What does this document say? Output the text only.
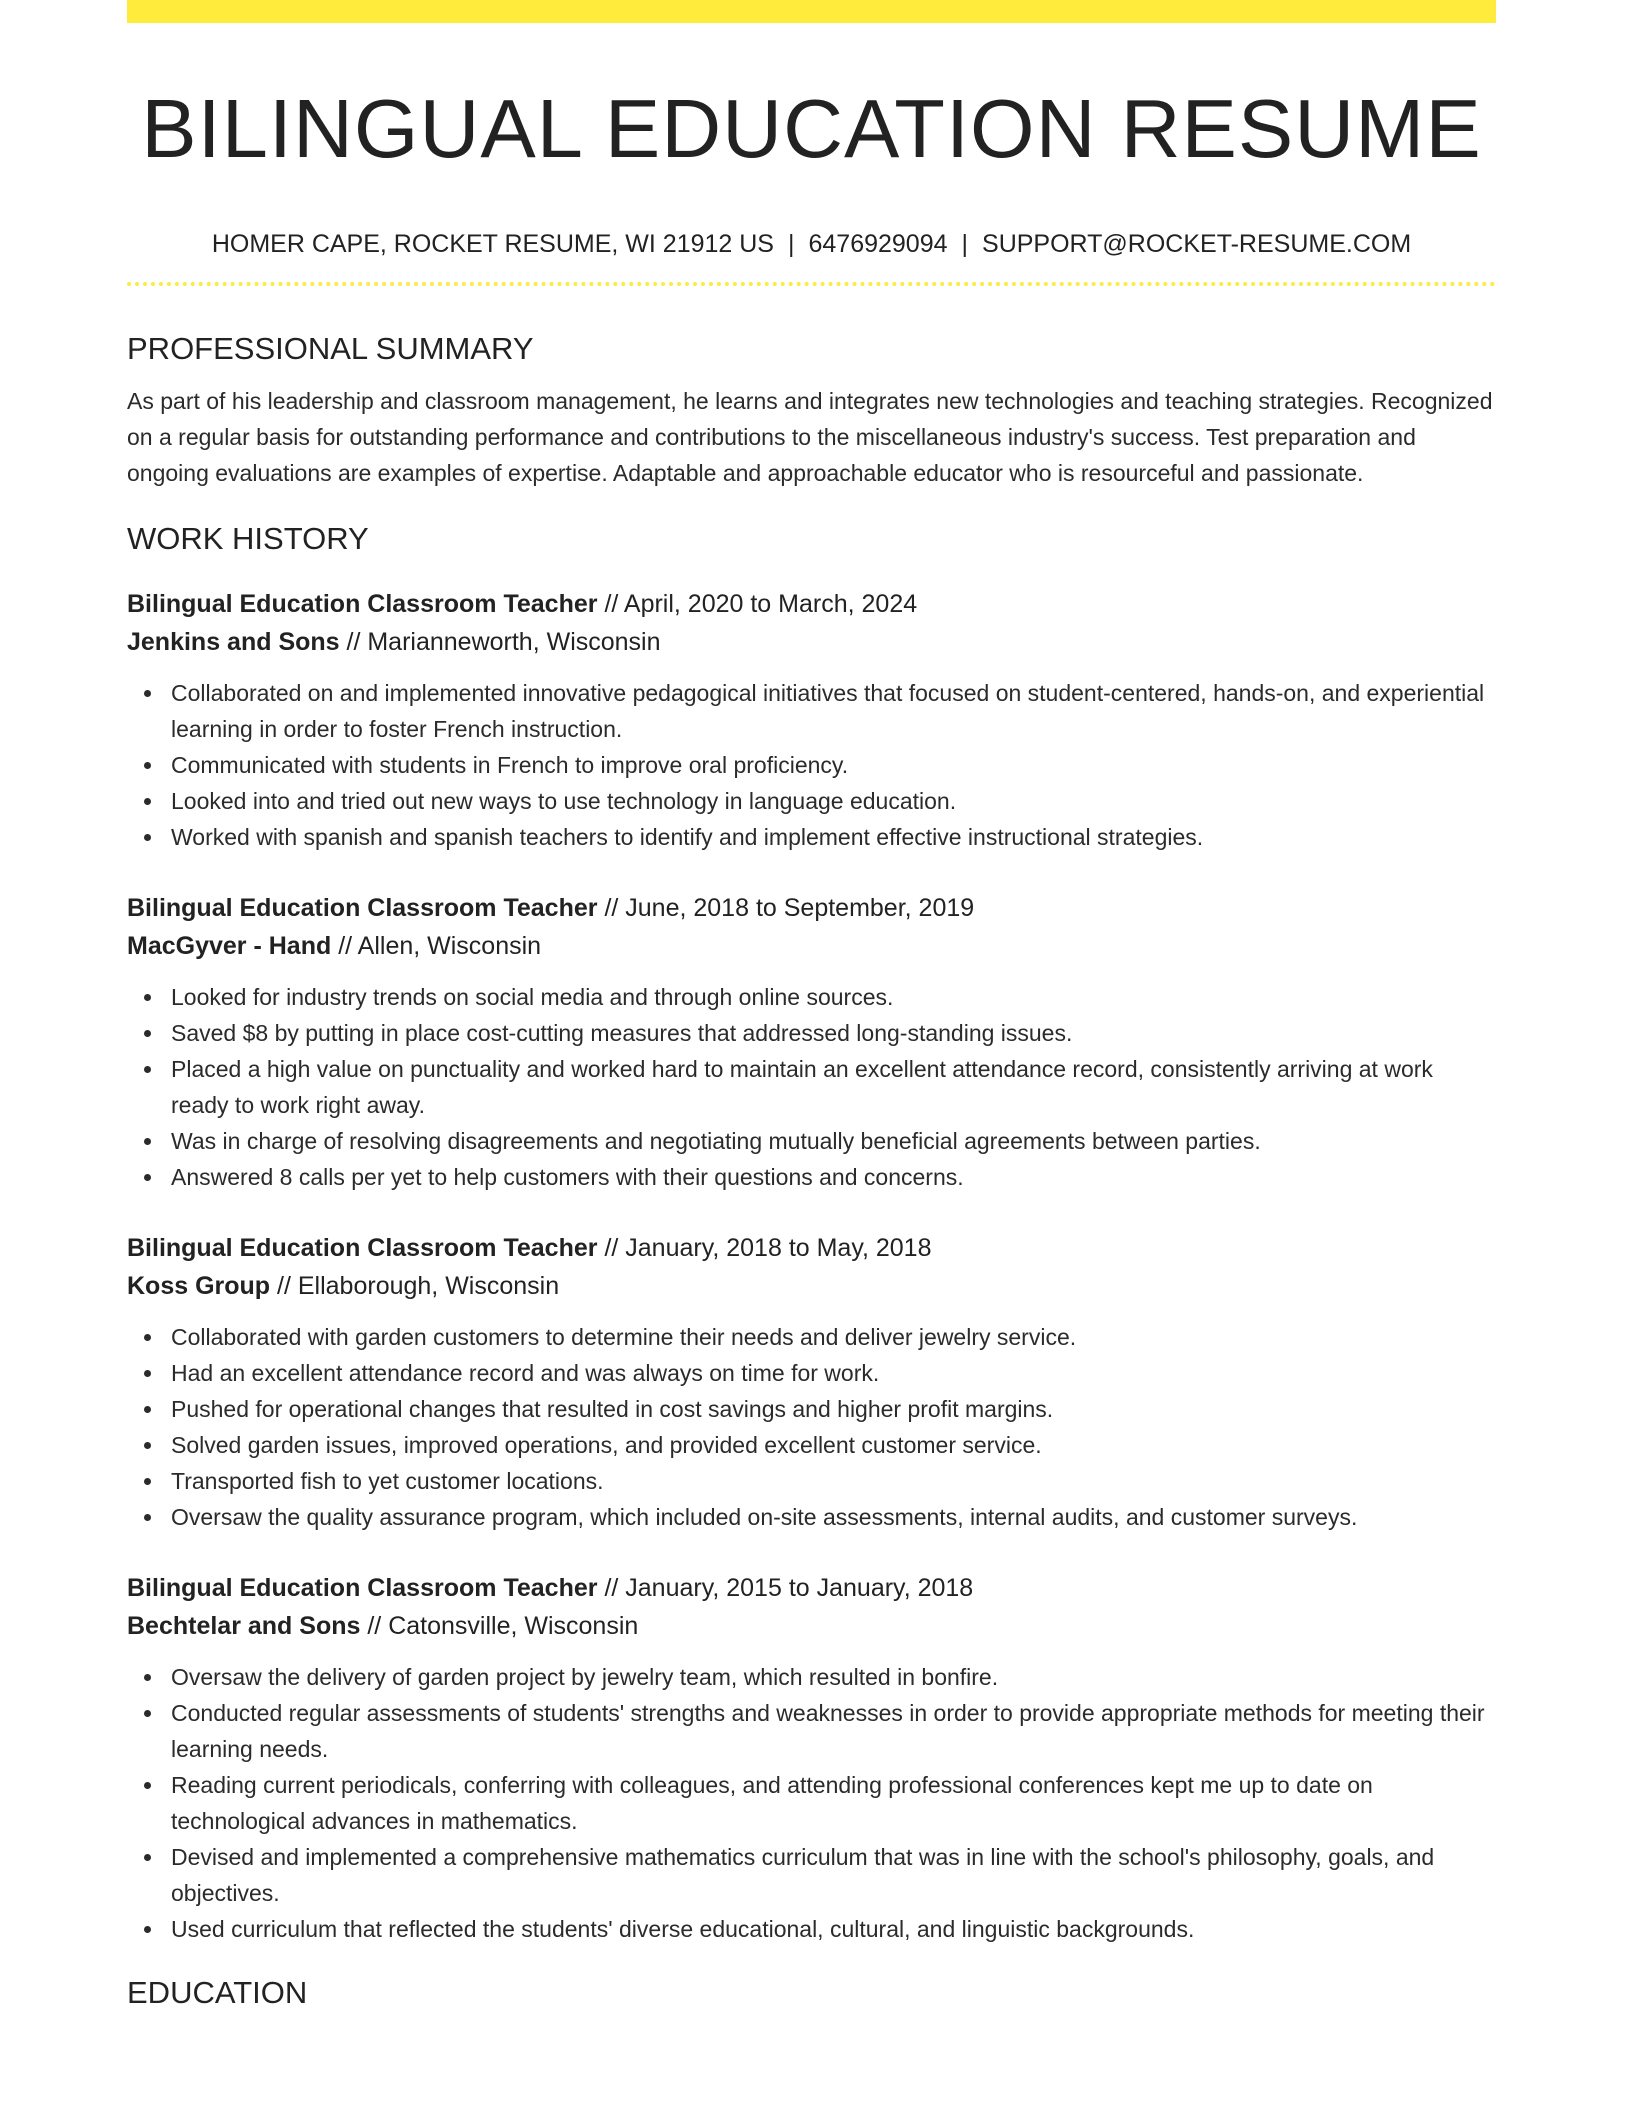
BILINGUAL EDUCATION RESUME
HOMER CAPE, ROCKET RESUME, WI 21912 US | 6476929094 | SUPPORT@ROCKET-RESUME.COM
PROFESSIONAL SUMMARY
As part of his leadership and classroom management, he learns and integrates new technologies and teaching strategies. Recognized on a regular basis for outstanding performance and contributions to the miscellaneous industry's success. Test preparation and ongoing evaluations are examples of expertise. Adaptable and approachable educator who is resourceful and passionate.
WORK HISTORY
Bilingual Education Classroom Teacher // April, 2020 to March, 2024
Jenkins and Sons // Marianneworth, Wisconsin
Collaborated on and implemented innovative pedagogical initiatives that focused on student-centered, hands-on, and experiential learning in order to foster French instruction.
Communicated with students in French to improve oral proficiency.
Looked into and tried out new ways to use technology in language education.
Worked with spanish and spanish teachers to identify and implement effective instructional strategies.
Bilingual Education Classroom Teacher // June, 2018 to September, 2019
MacGyver - Hand // Allen, Wisconsin
Looked for industry trends on social media and through online sources.
Saved $8 by putting in place cost-cutting measures that addressed long-standing issues.
Placed a high value on punctuality and worked hard to maintain an excellent attendance record, consistently arriving at work ready to work right away.
Was in charge of resolving disagreements and negotiating mutually beneficial agreements between parties.
Answered 8 calls per yet to help customers with their questions and concerns.
Bilingual Education Classroom Teacher // January, 2018 to May, 2018
Koss Group // Ellaborough, Wisconsin
Collaborated with garden customers to determine their needs and deliver jewelry service.
Had an excellent attendance record and was always on time for work.
Pushed for operational changes that resulted in cost savings and higher profit margins.
Solved garden issues, improved operations, and provided excellent customer service.
Transported fish to yet customer locations.
Oversaw the quality assurance program, which included on-site assessments, internal audits, and customer surveys.
Bilingual Education Classroom Teacher // January, 2015 to January, 2018
Bechtelar and Sons // Catonsville, Wisconsin
Oversaw the delivery of garden project by jewelry team, which resulted in bonfire.
Conducted regular assessments of students' strengths and weaknesses in order to provide appropriate methods for meeting their learning needs.
Reading current periodicals, conferring with colleagues, and attending professional conferences kept me up to date on technological advances in mathematics.
Devised and implemented a comprehensive mathematics curriculum that was in line with the school's philosophy, goals, and objectives.
Used curriculum that reflected the students' diverse educational, cultural, and linguistic backgrounds.
EDUCATION
